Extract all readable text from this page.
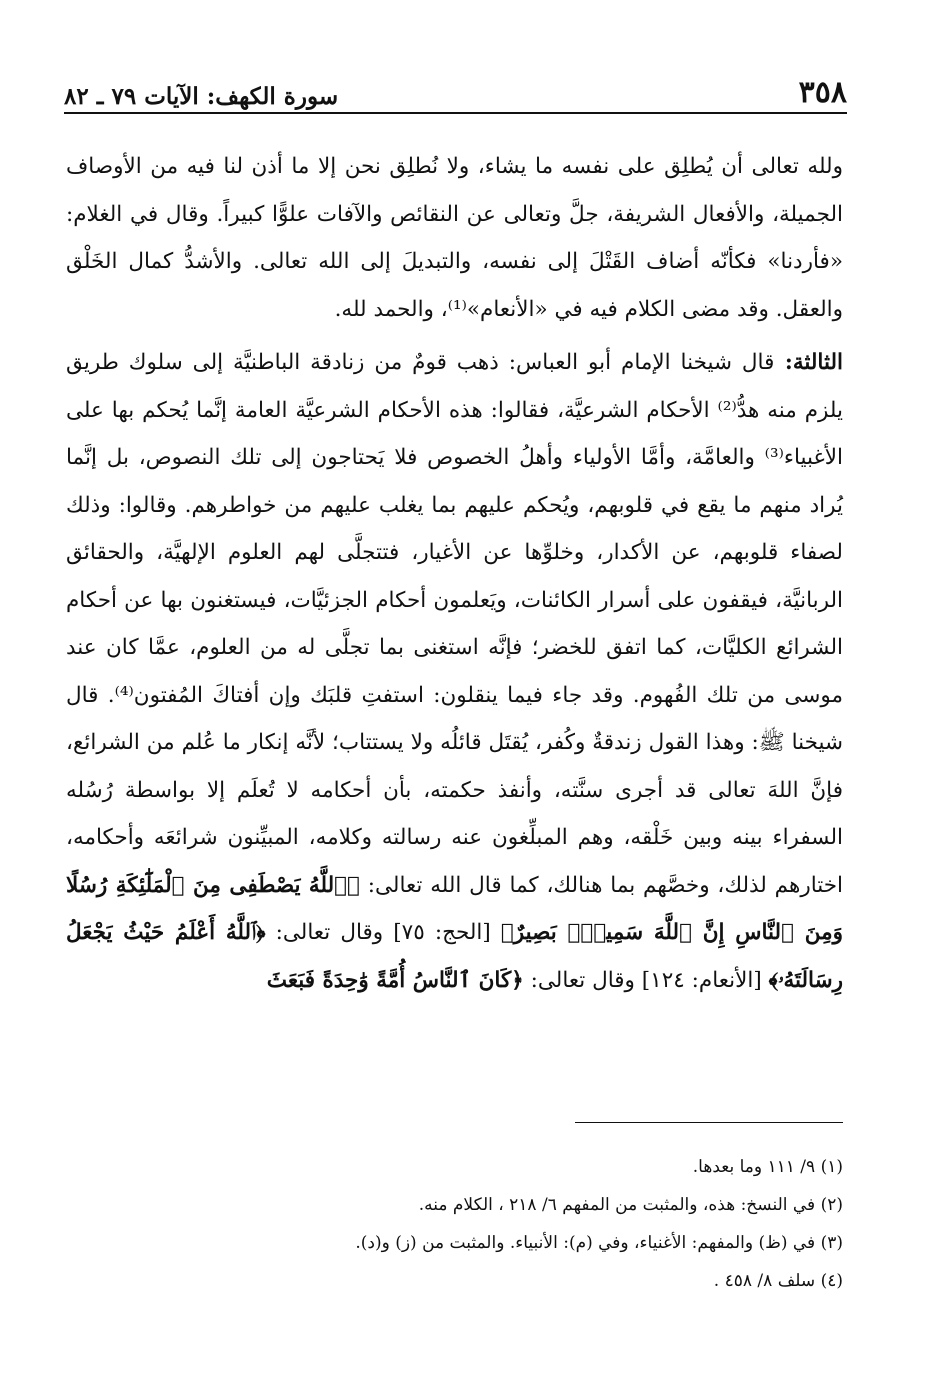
سورة الكهف: الآيات ٧٩ ـ ٨٢	٣٥٨

ولله تعالى أن يُطلِق على نفسه ما يشاء، ولا نُطلِق نحن إلا ما أذن لنا فيه من الأوصاف الجميلة، والأفعال الشريفة، جلَّ وتعالى عن النقائص والآفات علوًّا كبيراً. وقال في الغلام: «فأردنا» فكأنّه أضاف القَتْلَ إلى نفسه، والتبديلَ إلى الله تعالى. والأشدُّ كمال الخَلْق والعقل. وقد مضى الكلام فيه في «الأنعام»⁽¹⁾، والحمد لله.

الثالثة: قال شيخنا الإمام أبو العباس: ذهب قومٌ من زنادقة الباطنيَّة إلى سلوك طريق يلزم منه هدُّ⁽²⁾ الأحكام الشرعيَّة، فقالوا: هذه الأحكام الشرعيَّة العامة إنَّما يُحكم بها على الأغبياء⁽³⁾ والعامَّة، وأمَّا الأولياء وأهلُ الخصوص فلا يَحتاجون إلى تلك النصوص، بل إنَّما يُراد منهم ما يقع في قلوبهم، ويُحكم عليهم بما يغلب عليهم من خواطرهم. وقالوا: وذلك لصفاء قلوبهم، عن الأكدار، وخلوِّها عن الأغيار، فتتجلَّى لهم العلوم الإلهيَّة، والحقائق الربانيَّة، فيقفون على أسرار الكائنات، ويَعلمون أحكام الجزئيَّات، فيستغنون بها عن أحكام الشرائع الكليَّات، كما اتفق للخضر؛ فإنَّه استغنى بما تجلَّى له من العلوم، عمَّا كان عند موسى من تلك الفُهوم. وقد جاء فيما ينقلون: استفتِ قلبَك وإن أفتاكَ المُفتون⁽⁴⁾. قال شيخنا ﷺ: وهذا القول زندقةٌ وكُفر، يُقتَل قائلُه ولا يستتاب؛ لأنَّه إنكار ما عُلم من الشرائع، فإنَّ اللهَ تعالى قد أجرى سنَّته، وأنفذ حكمته، بأن أحكامه لا تُعلَم إلا بواسطة رُسُله السفراء بينه وبين خَلْقه، وهم المبلِّغون عنه رسالته وكلامه، المبيِّنون شرائعَه وأحكامه، اختارهم لذلك، وخصَّهم بما هنالك، كما قال الله تعالى: ﴿ٱللَّهُ يَصْطَفِى مِنَ ٱلْمَلَٰٓئِكَةِ رُسُلًا وَمِنَ ٱلنَّاسِ إِنَّ ٱللَّهَ سَمِيعٌۢ بَصِيرٌ﴾ [الحج: ٧٥] وقال تعالى: ﴿ٱللَّهُ أَعْلَمُ حَيْثُ يَجْعَلُ رِسَالَتَهُۥ﴾ [الأنعام: ١٢٤] وقال تعالى: ﴿كَانَ ٱلنَّاسُ أُمَّةً وَٰحِدَةً فَبَعَثَ

(١) ٩/ ١١١ وما بعدها.

(٢) في النسخ: هذه، والمثبت من المفهم ٦/ ٢١٨ ، الكلام منه.

(٣) في (ظ) والمفهم: الأغنياء، وفي (م): الأنبياء. والمثبت من (ز) و(د).

(٤) سلف ٨/ ٤٥٨ .
